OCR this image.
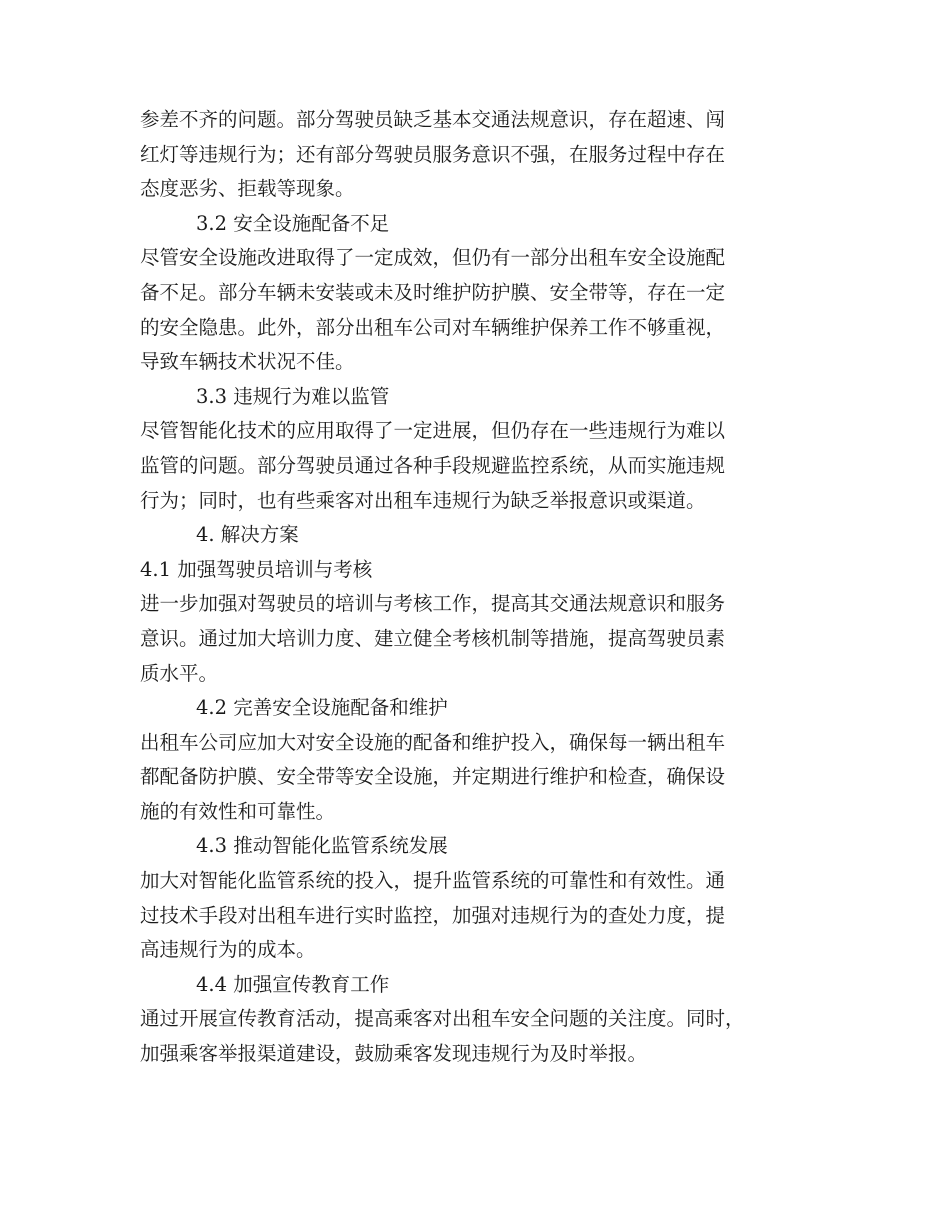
参差不齐的问题。部分驾驶员缺乏基本交通法规意识，存在超速、闯
红灯等违规行为；还有部分驾驶员服务意识不强，在服务过程中存在
态度恶劣、拒载等现象。
3.2 安全设施配备不足
尽管安全设施改进取得了一定成效，但仍有一部分出租车安全设施配
备不足。部分车辆未安装或未及时维护防护膜、安全带等，存在一定
的安全隐患。此外，部分出租车公司对车辆维护保养工作不够重视，
导致车辆技术状况不佳。
3.3 违规行为难以监管
尽管智能化技术的应用取得了一定进展，但仍存在一些违规行为难以
监管的问题。部分驾驶员通过各种手段规避监控系统，从而实施违规
行为；同时，也有些乘客对出租车违规行为缺乏举报意识或渠道。
4. 解决方案
4.1 加强驾驶员培训与考核
进一步加强对驾驶员的培训与考核工作，提高其交通法规意识和服务
意识。通过加大培训力度、建立健全考核机制等措施，提高驾驶员素
质水平。
4.2 完善安全设施配备和维护
出租车公司应加大对安全设施的配备和维护投入，确保每一辆出租车
都配备防护膜、安全带等安全设施，并定期进行维护和检查，确保设
施的有效性和可靠性。
4.3 推动智能化监管系统发展
加大对智能化监管系统的投入，提升监管系统的可靠性和有效性。通
过技术手段对出租车进行实时监控，加强对违规行为的查处力度，提
高违规行为的成本。
4.4 加强宣传教育工作
通过开展宣传教育活动，提高乘客对出租车安全问题的关注度。同时，
加强乘客举报渠道建设，鼓励乘客发现违规行为及时举报。
